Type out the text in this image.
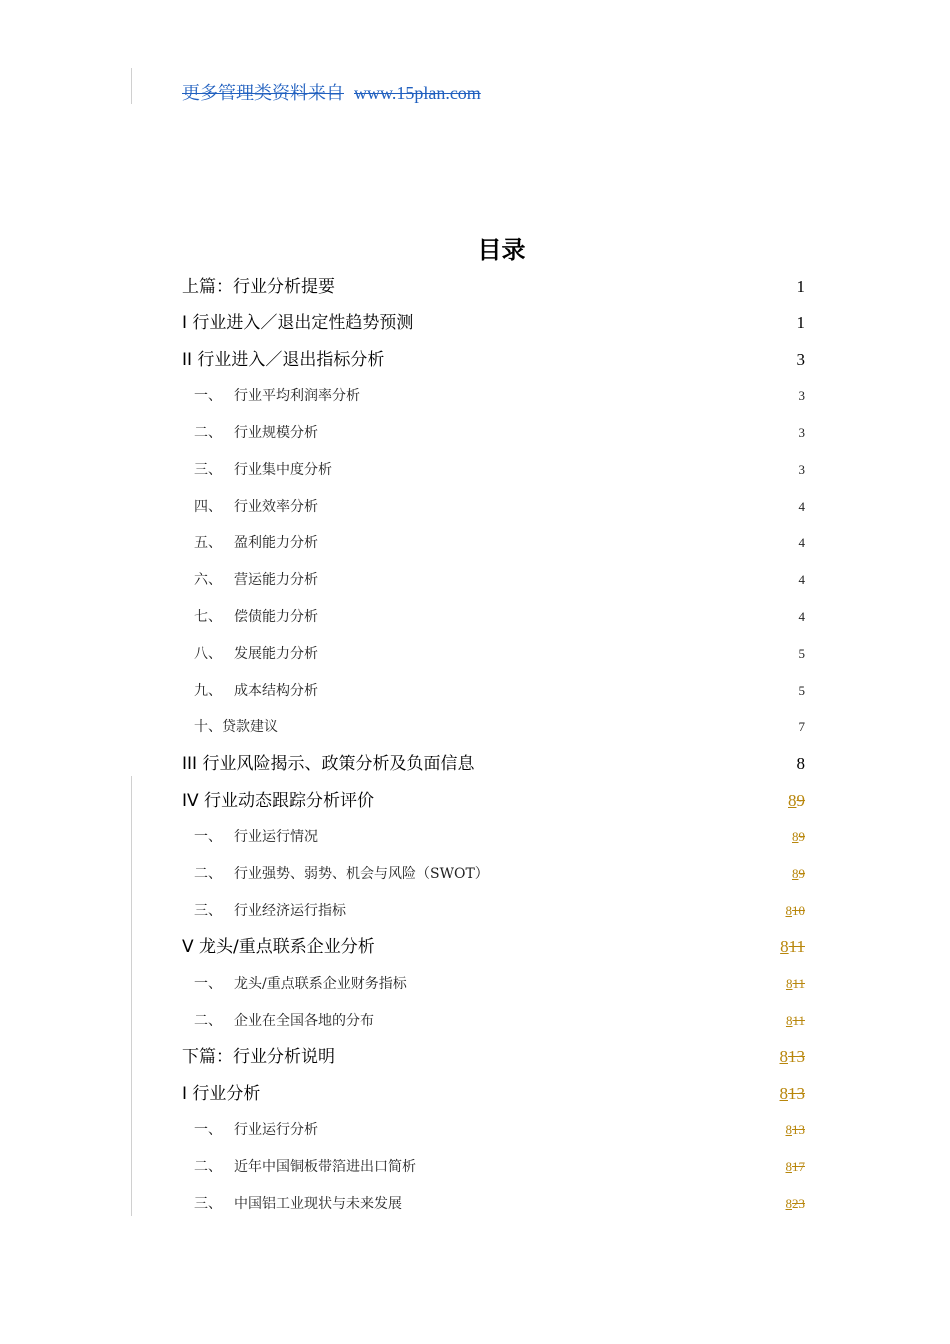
更多管理类资料来自 www.15plan.com
目录
上篇：行业分析提要 .....	1
I 行业进入／退出定性趋势预测 .....	1
II 行业进入／退出指标分析 .....	3
一、 行业平均利润率分析 .....	3
二、 行业规模分析 .....	3
三、 行业集中度分析 .....	3
四、 行业效率分析 .....	4
五、 盈利能力分析 .....	4
六、 营运能力分析 .....	4
七、 偿债能力分析 .....	4
八、 发展能力分析 .....	5
九、 成本结构分析 .....	5
十、贷款建议 .....	7
III 行业风险揭示、政策分析及负面信息 .....	8
IV 行业动态跟踪分析评价 .....	89
一、 行业运行情况 .....	89
二、 行业强势、弱势、机会与风险（SWOT） .....	89
三、 行业经济运行指标 .....	810
V 龙头/重点联系企业分析 .....	811
一、 龙头/重点联系企业财务指标 .....	811
二、 企业在全国各地的分布 .....	811
下篇：行业分析说明 .....	813
I 行业分析 .....	813
一、 行业运行分析 .....	813
二、 近年中国铜板带箔进出口简析 .....	817
三、 中国铝工业现状与未来发展 .....	823
